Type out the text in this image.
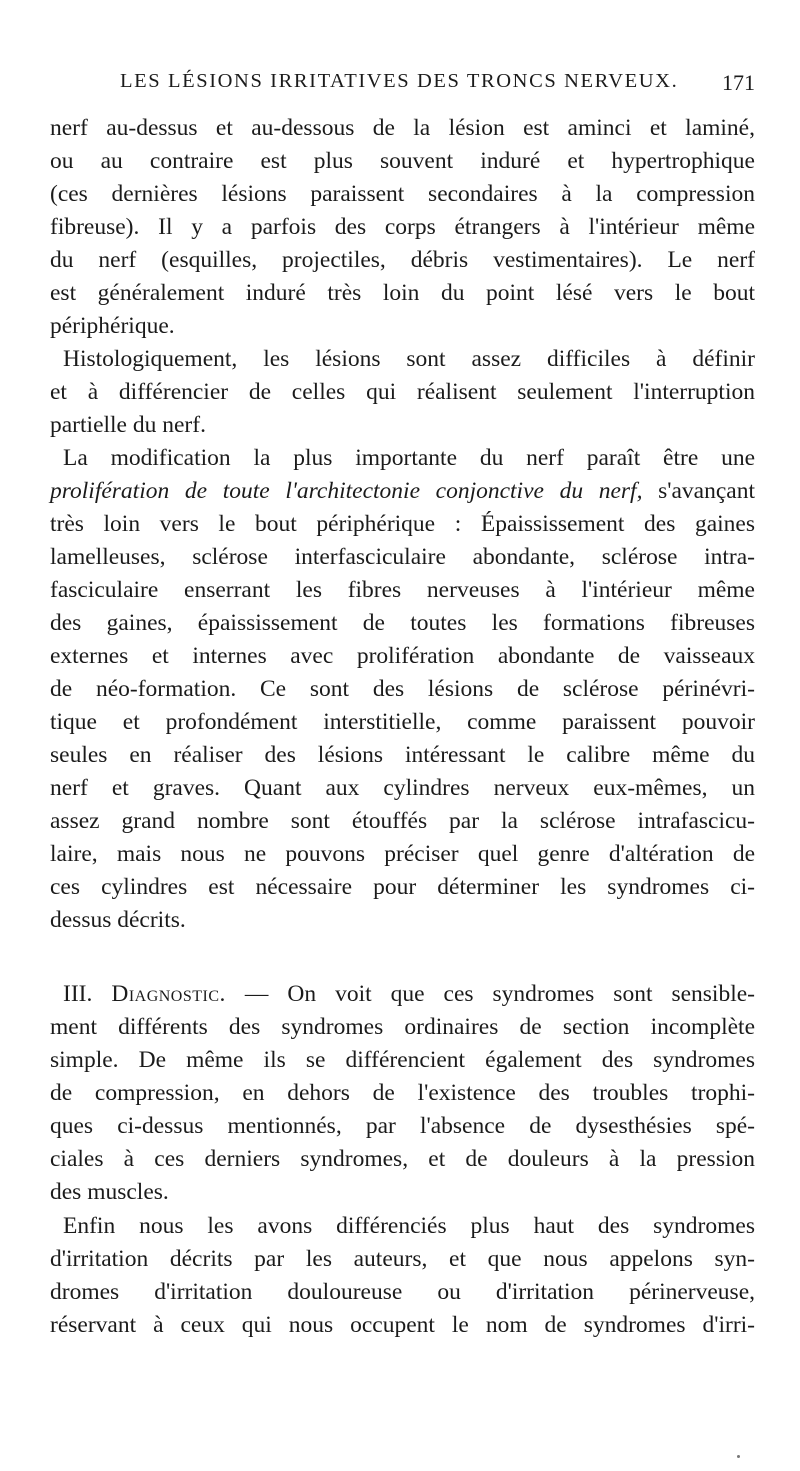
LES LÉSIONS IRRITATIVES DES TRONCS NERVEUX. 171
nerf au-dessus et au-dessous de la lésion est aminci et laminé,
ou au contraire est plus souvent induré et hypertrophique
(ces dernières lésions paraissent secondaires à la compression
fibreuse). Il y a parfois des corps étrangers à l'intérieur même
du nerf (esquilles, projectiles, débris vestimentaires). Le nerf
est généralement induré très loin du point lésé vers le bout
périphérique.
Histologiquement, les lésions sont assez difficiles à définir
et à différencier de celles qui réalisent seulement l'interruption
partielle du nerf.
La modification la plus importante du nerf paraît être une
prolifération de toute l'architectonie conjonctive du nerf, s'avançant
très loin vers le bout périphérique : Épaississement des gaines
lamelleuses, sclérose interfasciculaire abondante, sclérose intra-
fasciculaire enserrant les fibres nerveuses à l'intérieur même
des gaines, épaississement de toutes les formations fibreuses
externes et internes avec prolifération abondante de vaisseaux
de néo-formation. Ce sont des lésions de sclérose périnévri-
tique et profondément interstitielle, comme paraissent pouvoir
seules en réaliser des lésions intéressant le calibre même du
nerf et graves. Quant aux cylindres nerveux eux-mêmes, un
assez grand nombre sont étouffés par la sclérose intrafascicu-
laire, mais nous ne pouvons préciser quel genre d'altération de
ces cylindres est nécessaire pour déterminer les syndromes ci-
dessus décrits.
III. Diagnostic. — On voit que ces syndromes sont sensible-
ment différents des syndromes ordinaires de section incomplète
simple. De même ils se différencient également des syndromes
de compression, en dehors de l'existence des troubles trophi-
ques ci-dessus mentionnés, par l'absence de dysesthésies spé-
ciales à ces derniers syndromes, et de douleurs à la pression
des muscles.
Enfin nous les avons différenciés plus haut des syndromes
d'irritation décrits par les auteurs, et que nous appelons syn-
dromes d'irritation douloureuse ou d'irritation périnerveuse,
réservant à ceux qui nous occupent le nom de syndromes d'irri-
